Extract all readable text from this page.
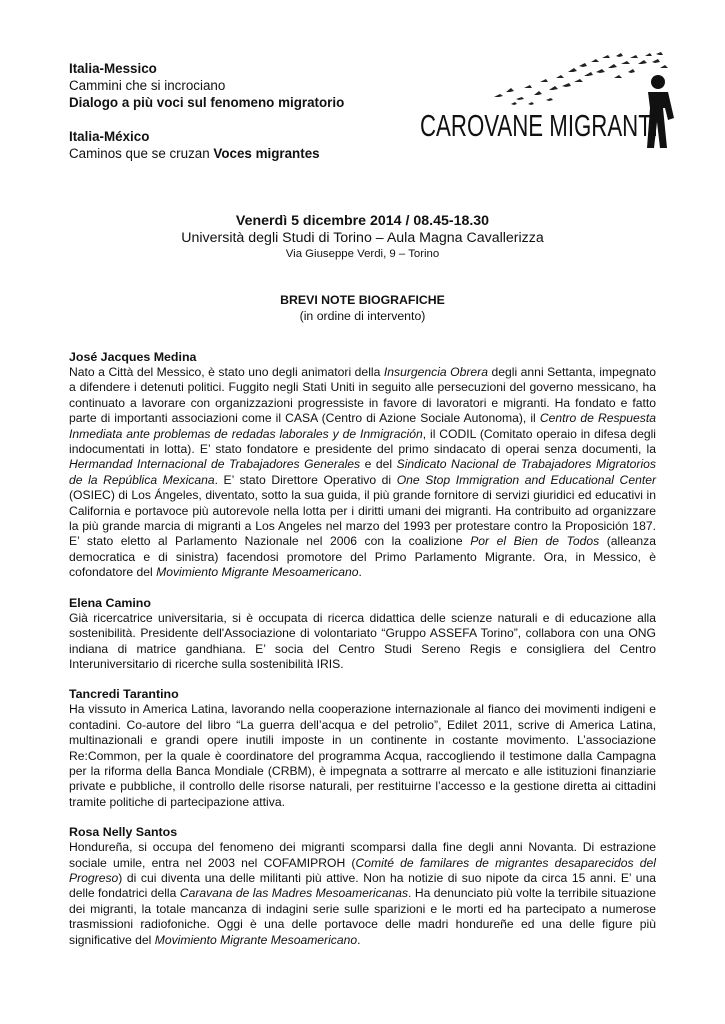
Italia-Messico

Cammini che si incrociano

Dialogo a più voci sul fenomeno migratorio

Italia-México

Caminos que se cruzan Voces migrantes

CAROVANE MIGRANTI
Venerdì 5 dicembre 2014 / 08.45-18.30
Università degli Studi di Torino – Aula Magna Cavallerizza
Via Giuseppe Verdi, 9 – Torino
BREVI NOTE BIOGRAFICHE
(in ordine di intervento)
José Jacques Medina
Nato a Città del Messico, è stato uno degli animatori della Insurgencia Obrera degli anni Settanta, impegnato a difendere i detenuti politici. Fuggito negli Stati Uniti in seguito alle persecuzioni del governo messicano, ha continuato a lavorare con organizzazioni progressiste in favore di lavoratori e migranti. Ha fondato e fatto parte di importanti associazioni come il CASA (Centro di Azione Sociale Autonoma), il Centro de Respuesta Inmediata ante problemas de redadas laborales y de Inmigración, il CODIL (Comitato operaio in difesa degli indocumentati in lotta). E’ stato fondatore e presidente del primo sindacato di operai senza documenti, la Hermandad Internacional de Trabajadores Generales e del Sindicato Nacional de Trabajadores Migratorios de la República Mexicana. E’ stato Direttore Operativo di One Stop Immigration and Educational Center (OSIEC) di Los Ángeles, diventato, sotto la sua guida, il più grande fornitore di servizi giuridici ed educativi in California e portavoce più autorevole nella lotta per i diritti umani dei migranti. Ha contribuito ad organizzare la più grande marcia di migranti a Los Angeles nel marzo del 1993 per protestare contro la Proposición 187. E’ stato eletto al Parlamento Nazionale nel 2006 con la coalizione Por el Bien de Todos (alleanza democratica e di sinistra) facendosi promotore del Primo Parlamento Migrante. Ora, in Messico, è cofondatore del Movimiento Migrante Mesoamericano.
Elena Camino
Già ricercatrice universitaria, si è occupata di ricerca didattica delle scienze naturali e di educazione alla sostenibilità. Presidente dell'Associazione di volontariato “Gruppo ASSEFA Torino”, collabora con una ONG indiana di matrice gandhiana. E’ socia del Centro Studi Sereno Regis e consigliera del Centro Interuniversitario di ricerche sulla sostenibilità IRIS.
Tancredi Tarantino
Ha vissuto in America Latina, lavorando nella cooperazione internazionale al fianco dei movimenti indigeni e contadini. Co-autore del libro “La guerra dell’acqua e del petrolio”, Edilet 2011, scrive di America Latina, multinazionali e grandi opere inutili imposte in un continente in costante movimento. L’associazione Re:Common, per la quale è coordinatore del programma Acqua, raccogliendo il testimone dalla Campagna per la riforma della Banca Mondiale (CRBM), è impegnata a sottrarre al mercato e alle istituzioni finanziarie private e pubbliche, il controllo delle risorse naturali, per restituirne l’accesso e la gestione diretta ai cittadini tramite politiche di partecipazione attiva.
Rosa Nelly Santos
Hondureña, si occupa del fenomeno dei migranti scomparsi dalla fine degli anni Novanta. Di estrazione sociale umile, entra nel 2003 nel COFAMIPROH (Comité de familares de migrantes desaparecidos del Progreso) di cui diventa una delle militanti più attive. Non ha notizie di suo nipote da circa 15 anni. E’ una delle fondatrici della Caravana de las Madres Mesoamericanas. Ha denunciato più volte la terribile situazione dei migranti, la totale mancanza di indagini serie sulle sparizioni e le morti ed ha partecipato a numerose trasmissioni radiofoniche. Oggi è una delle portavoce delle madri hondureñe ed una delle figure più significative del Movimiento Migrante Mesoamericano.
